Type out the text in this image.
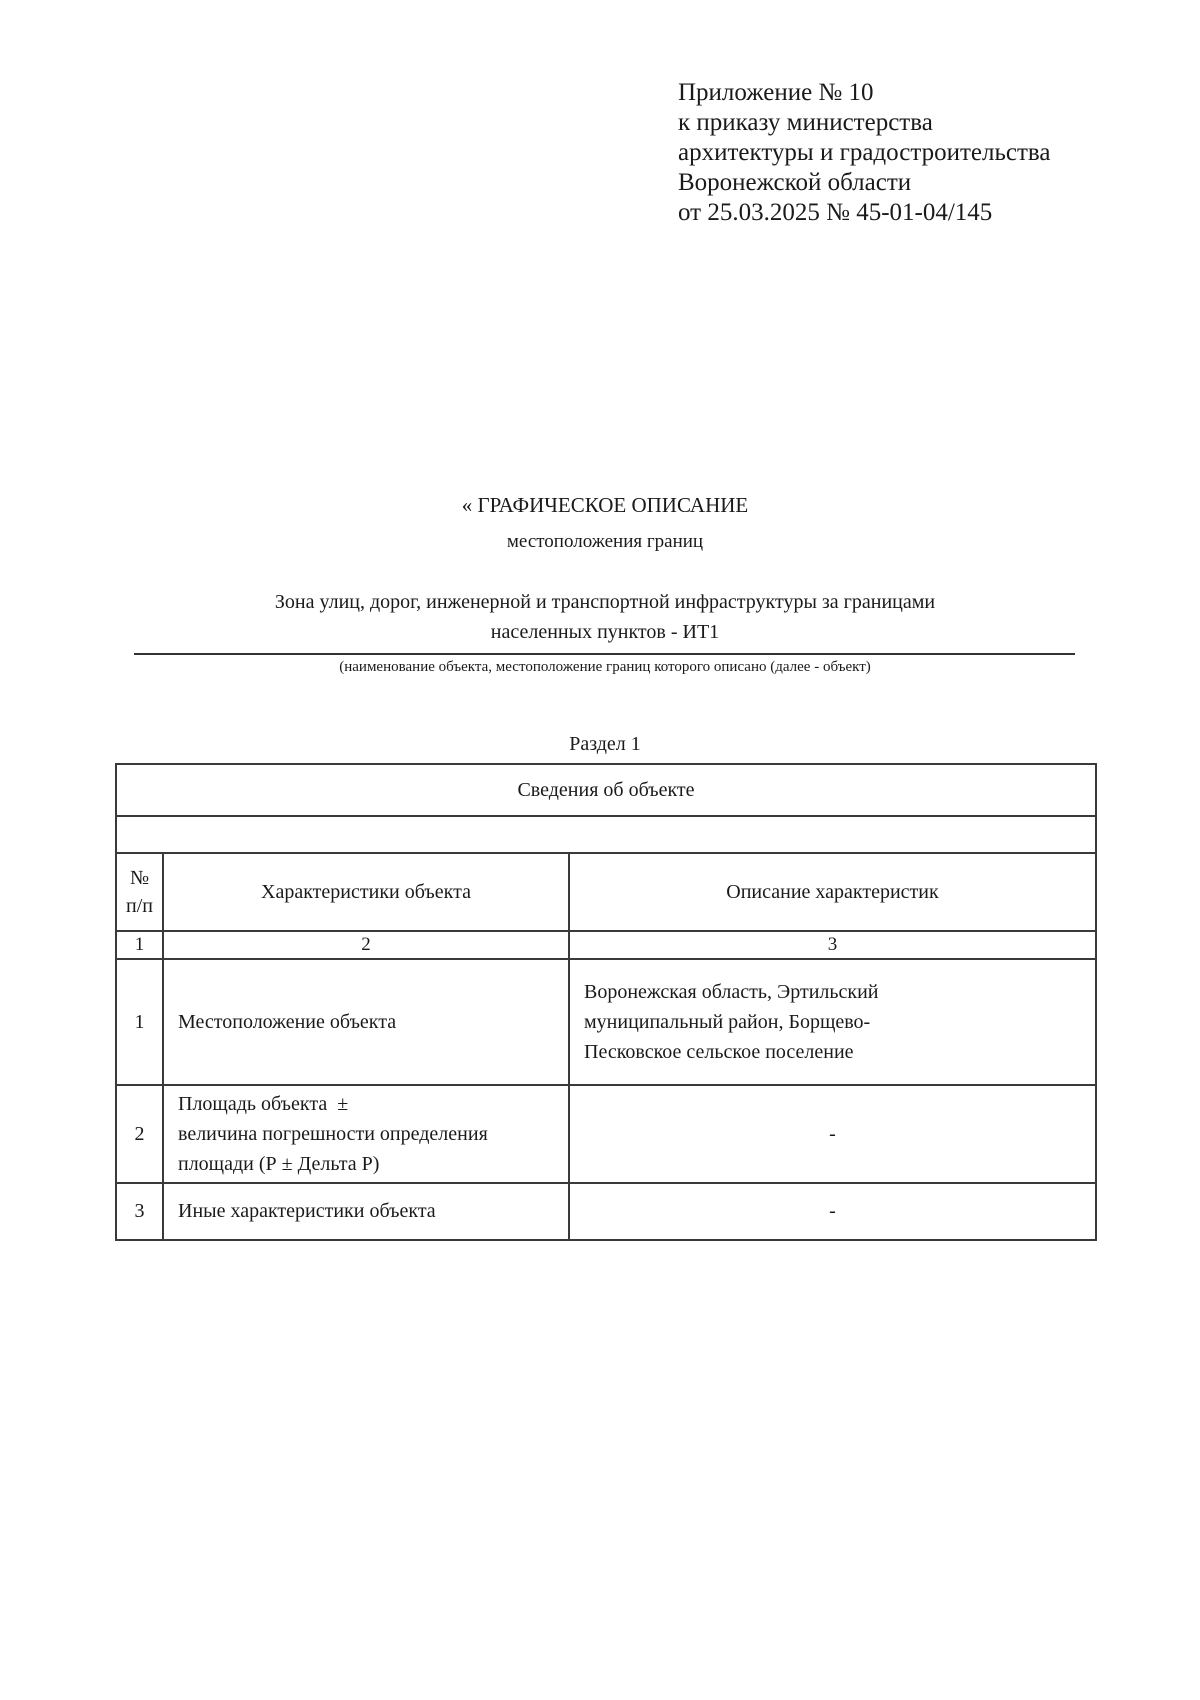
Приложение № 10
к приказу министерства
архитектуры и градостроительства
Воронежской области
от 25.03.2025 № 45-01-04/145
« ГРАФИЧЕСКОЕ ОПИСАНИЕ
местоположения границ
Зона улиц, дорог, инженерной и транспортной инфраструктуры за границами
населенных пунктов - ИТ1
(наименование объекта, местоположение границ которого описано (далее - объект)
Раздел 1
Сведения об объекте		

№ п/п	Характеристики объекта	Описание характеристик
1	2	3
1	Местоположение объекта	Воронежская область, Эртильский
муниципальный район, Борщево-
Песковское сельское поселение

2	Площадь объекта  ±
величина погрешности определения
площади (Р ± Дельта Р)	-
3	Иные характеристики объекта	-
